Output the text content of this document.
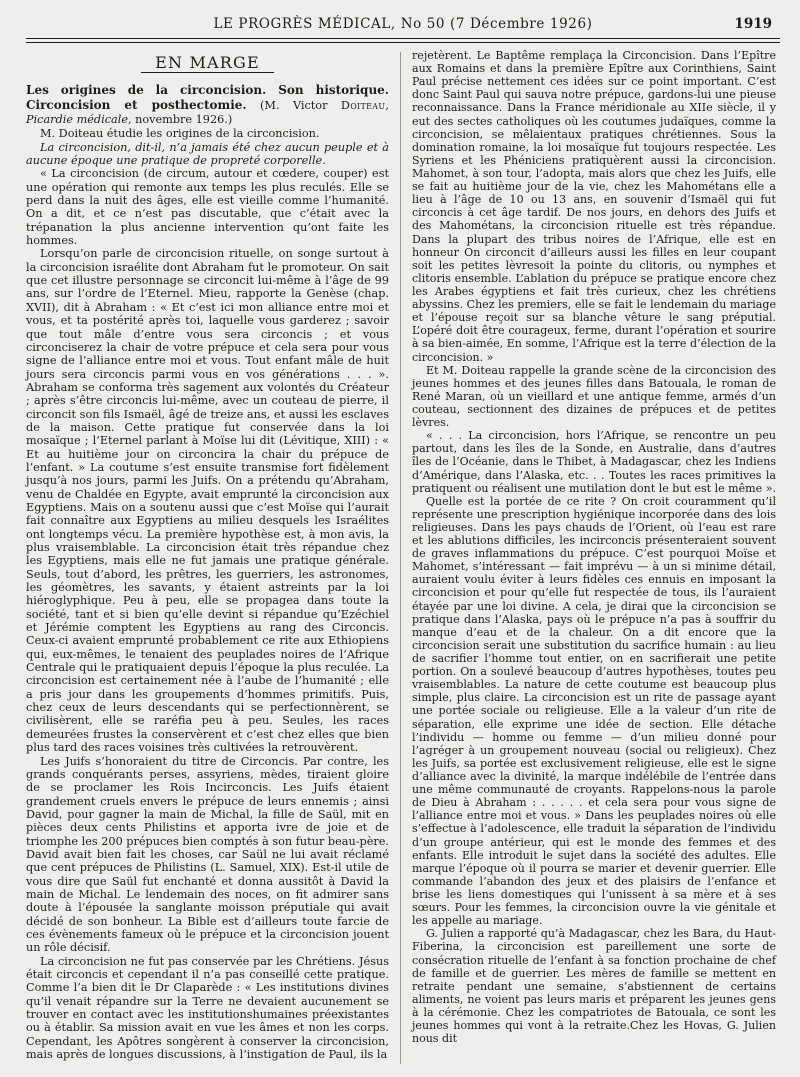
LE PROGRÈS MÉDICAL, No 50 (7 Décembre 1926)	1919
EN MARGE

Les origines de la circoncision. Son historique. Circoncision et posthectomie. (M. Victor Doiteau, Picardie médicale, novembre 1926.)

M. Doiteau étudie les origines de la circoncision.

La circoncision, dit-il, n’a jamais été chez aucun peuple et à aucune époque une pratique de propreté corporelle.

« La circoncision (de circum, autour et cœdere, couper) est une opération qui remonte aux temps les plus reculés. Elle se perd dans la nuit des âges, elle est vieille comme l’humanité. On a dit, et ce n’est pas discutable, que c’était avec la trépanation la plus ancienne intervention qu’ont faite les hommes.

Lorsqu’on parle de circoncision rituelle, on songe surtout à la circoncision israélite dont Abraham fut le promoteur. On sait que cet illustre personnage se circoncit lui-même à l’âge de 99 ans, sur l’ordre de l’Eternel. Mieu, rapporte la Genèse (chap. XVII), dit à Abraham : « Et c’est ici mon alliance entre moi et vous, et ta postérité après toi, laquelle vous garderez ; savoir que tout mâle d’entre vous sera circoncis ; et vous circonciserez la chair de votre prépuce et cela sera pour vous signe de l’alliance entre moi et vous. Tout enfant mâle de huit jours sera circoncis parmi vous en vos générations . . . ». Abraham se conforma très sagement aux volontés du Créateur ; après s’être circoncis lui-même, avec un couteau de pierre, il circoncit son fils Ismaël, âgé de treize ans, et aussi les esclaves de la maison. Cette pratique fut conservée dans la loi mosaïque ; l’Eternel parlant à Moïse lui dit (Lévitique, XIII) : « Et au huitième jour on circoncira la chair du prépuce de l’enfant. » La coutume s’est ensuite transmise fort fidèlement jusqu’à nos jours, parmi les Juifs. On a prétendu qu’Abraham, venu de Chaldée en Egypte, avait emprunté la circoncision aux Egyptiens. Mais on a soutenu aussi que c’est Moïse qui l’aurait fait connaître aux Egyptiens au milieu desquels les Israélites ont longtemps vécu. La première hypothèse est, à mon avis, la plus vraisemblable. La circoncision était très répandue chez les Egyptiens, mais elle ne fut jamais une pratique générale. Seuls, tout d’abord, les prêtres, les guerriers, les astronomes, les géomètres, les savants, y étaient astreints par la loi hiéroglyphique. Peu à peu, elle se propagea dans toute la société, tant et si bien qu’elle devint si répandue qu’Ezéchiel et Jérémie comptent les Egyptiens au rang des Circoncis. Ceux-ci avaient emprunté probablement ce rite aux Ethiopiens qui, eux-mêmes, le tenaient des peuplades noires de l’Afrique Centrale qui le pratiquaient depuis l’époque la plus reculée. La circoncision est certainement née à l’aube de l’humanité ; elle a pris jour dans les groupements d’hommes primitifs. Puis, chez ceux de leurs descendants qui se perfectionnèrent, se civilisèrent, elle se raréfia peu à peu. Seules, les races demeurées frustes la conservèrent et c’est chez elles que bien plus tard des races voisines très cultivées la retrouvèrent.

Les Juifs s’honoraient du titre de Circoncis. Par contre, les grands conquérants perses, assyriens, mèdes, tiraient gloire de se proclamer les Rois Incirconcis. Les Juifs étaient grandement cruels envers le prépuce de leurs ennemis ; ainsi David, pour gagner la main de Michal, la fille de Saül, mit en pièces deux cents Philistins et apporta ivre de joie et de triomphe les 200 prépuces bien comptés à son futur beau-père. David avait bien fait les choses, car Saül ne lui avait réclamé que cent prépuces de Philistins (L. Samuel, XIX). Est-il utile de vous dire que Saül fut enchanté et donna aussitôt à David la main de Michal. Le lendemain des noces, on fit admirer sans doute à l’épousée la sanglante moisson préputiale qui avait décidé de son bonheur. La Bible est d’ailleurs toute farcie de ces évènements fameux où le prépuce et la circoncision jouent un rôle décisif.

La circoncision ne fut pas conservée par les Chrétiens. Jésus était circoncis et cependant il n’a pas conseillé cette pratique. Comme l’a bien dit le Dr Claparède : « Les institutions divines qu’il venait répandre sur la Terre ne devaient aucunement se trouver en contact avec les institutionshumaines préexistantes ou à établir. Sa mission avait en vue les âmes et non les corps. Cependant, les Apôtres songèrent à conserver la circoncision, mais après de longues discussions, à l’instigation de Paul, ils la

rejetèrent. Le Baptême remplaça la Circoncision. Dans l’Epître aux Romains et dans la première Epître aux Corinthiens, Saint Paul précise nettement ces idées sur ce point important. C’est donc Saint Paul qui sauva notre prépuce, gardons-lui une pieuse reconnaissance. Dans la France méridionale au XIIe siècle, il y eut des sectes catholiques où les coutumes judaïques, comme la circoncision, se mêlaientaux pratiques chrétiennes. Sous la domination romaine, la loi mosaïque fut toujours respectée. Les Syriens et les Phéniciens pratiquèrent aussi la circoncision. Mahomet, à son tour, l’adopta, mais alors que chez les Juifs, elle se fait au huitième jour de la vie, chez les Mahométans elle a lieu à l’âge de 10 ou 13 ans, en souvenir d’Ismaël qui fut circoncis à cet âge tardif. De nos jours, en dehors des Juifs et des Mahométans, la circoncision rituelle est très répandue. Dans la plupart des tribus noires de l’Afrique, elle est en honneur On circoncit d’ailleurs aussi les filles en leur coupant soit les petites lèvresoit la pointe du clitoris, ou nymphes et clitoris ensemble. L’ablation du prépuce se pratique encore chez les Arabes égyptiens et fait très curieux, chez les chrétiens abyssins. Chez les premiers, elle se fait le lendemain du mariage et l’épouse reçoit sur sa blanche vêture le sang préputial. L’opéré doit être courageux, ferme, durant l’opération et sourire à sa bien-aimée, En somme, l’Afrique est la terre d’élection de la circoncision. »

Et M. Doiteau rappelle la grande scène de la circoncision des jeunes hommes et des jeunes filles dans Batouala, le roman de René Maran, où un vieillard et une antique femme, armés d’un couteau, sectionnent des dizaines de prépuces et de petites lèvres.

« . . . La circoncision, hors l’Afrique, se rencontre un peu partout, dans les îles de la Sonde, en Australie, dans d’autres îles de l’Océanie, dans le Thibet, à Madagascar, chez les Indiens d’Amérique, dans l’Alaska, etc. . . Toutes les races primitives la pratiquent ou réalisent une mutilation dont le but est le même ».

Quelle est la portée de ce rite ? On croit couramment qu’il représente une prescription hygiénique incorporée dans des lois religieuses. Dans les pays chauds de l’Orient, où l’eau est rare et les ablutions difficiles, les incirconcis présenteraient souvent de graves inflammations du prépuce. C’est pourquoi Moïse et Mahomet, s’intéressant — fait imprévu — à un si minime détail, auraient voulu éviter à leurs fidèles ces ennuis en imposant la circoncision et pour qu’elle fut respectée de tous, ils l’auraient étayée par une loi divine. A cela, je dirai que la circoncision se pratique dans l’Alaska, pays où le prépuce n’a pas à souffrir du manque d’eau et de la chaleur. On a dit encore que la circoncision serait une substitution du sacrifice humain : au lieu de sacrifier l’homme tout entier, on en sacrifierait une petite portion. On a soulevé beaucoup d’autres hypothèses, toutes peu vraisemblables. La nature de cette coutume est beaucoup plus simple, plus claire. La circoncision est un rite de passage ayant une portée sociale ou religieuse. Elle a la valeur d’un rite de séparation, elle exprime une idée de section. Elle détache l’individu — homme ou femme — d’un milieu donné pour l’agréger à un groupement nouveau (social ou religieux). Chez les Juifs, sa portée est exclusivement religieuse, elle est le signe d’alliance avec la divinité, la marque indélébile de l’entrée dans une même communauté de croyants. Rappelons-nous la parole de Dieu à Abraham : . . . . . et cela sera pour vous signe de l’alliance entre moi et vous. » Dans les peuplades noires où elle s’effectue à l’adolescence, elle traduit la séparation de l’individu d’un groupe antérieur, qui est le monde des femmes et des enfants. Elle introduit le sujet dans la société des adultes. Elle marque l’époque où il pourra se marier et devenir guerrier. Elle commande l’abandon des jeux et des plaisirs de l’enfance et brise les liens domestiques qui l’unissent à sa mère et à ses sœurs. Pour les femmes, la circoncision ouvre la vie génitale et les appelle au mariage.

G. Julien a rapporté qu’à Madagascar, chez les Bara, du Haut-Fiberina, la circoncision est pareillement une sorte de consécration rituelle de l’enfant à sa fonction prochaine de chef de famille et de guerrier. Les mères de famille se mettent en retraite pendant une semaine, s’abstiennent de certains aliments, ne voient pas leurs maris et préparent les jeunes gens à la cérémonie. Chez les compatriotes de Batouala, ce sont les jeunes hommes qui vont à la retraite.Chez les Hovas, G. Julien nous dit
